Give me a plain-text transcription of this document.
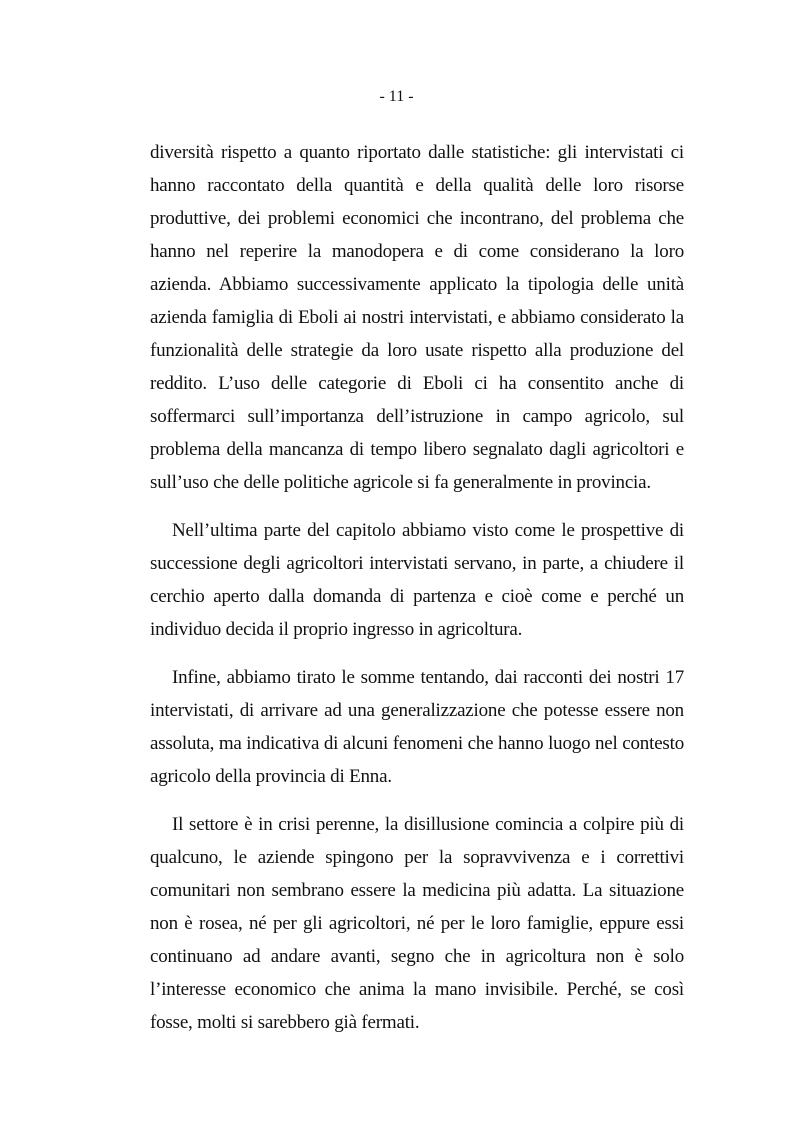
- 11 -

diversità rispetto a quanto riportato dalle statistiche: gli intervistati ci hanno raccontato della quantità e della qualità delle loro risorse produttive, dei problemi economici che incontrano, del problema che hanno nel reperire la manodopera e di come considerano la loro azienda. Abbiamo successivamente applicato la tipologia delle unità azienda famiglia di Eboli ai nostri intervistati, e abbiamo considerato la funzionalità delle strategie da loro usate rispetto alla produzione del reddito. L’uso delle categorie di Eboli ci ha consentito anche di soffermarci sull’importanza dell’istruzione in campo agricolo, sul problema della mancanza di tempo libero segnalato dagli agricoltori e sull’uso che delle politiche agricole si fa generalmente in provincia.

Nell’ultima parte del capitolo abbiamo visto come le prospettive di successione degli agricoltori intervistati servano, in parte, a chiudere il cerchio aperto dalla domanda di partenza e cioè come e perché un individuo decida il proprio ingresso in agricoltura.

Infine, abbiamo tirato le somme tentando, dai racconti dei nostri 17 intervistati, di arrivare ad una generalizzazione che potesse essere non assoluta, ma indicativa di alcuni fenomeni che hanno luogo nel contesto agricolo della provincia di Enna.

Il settore è in crisi perenne, la disillusione comincia a colpire più di qualcuno, le aziende spingono per la sopravvivenza e i correttivi comunitari non sembrano essere la medicina più adatta. La situazione non è rosea, né per gli agricoltori, né per le loro famiglie, eppure essi continuano ad andare avanti, segno che in agricoltura non è solo l’interesse economico che anima la mano invisibile. Perché, se così fosse, molti si sarebbero già fermati.
